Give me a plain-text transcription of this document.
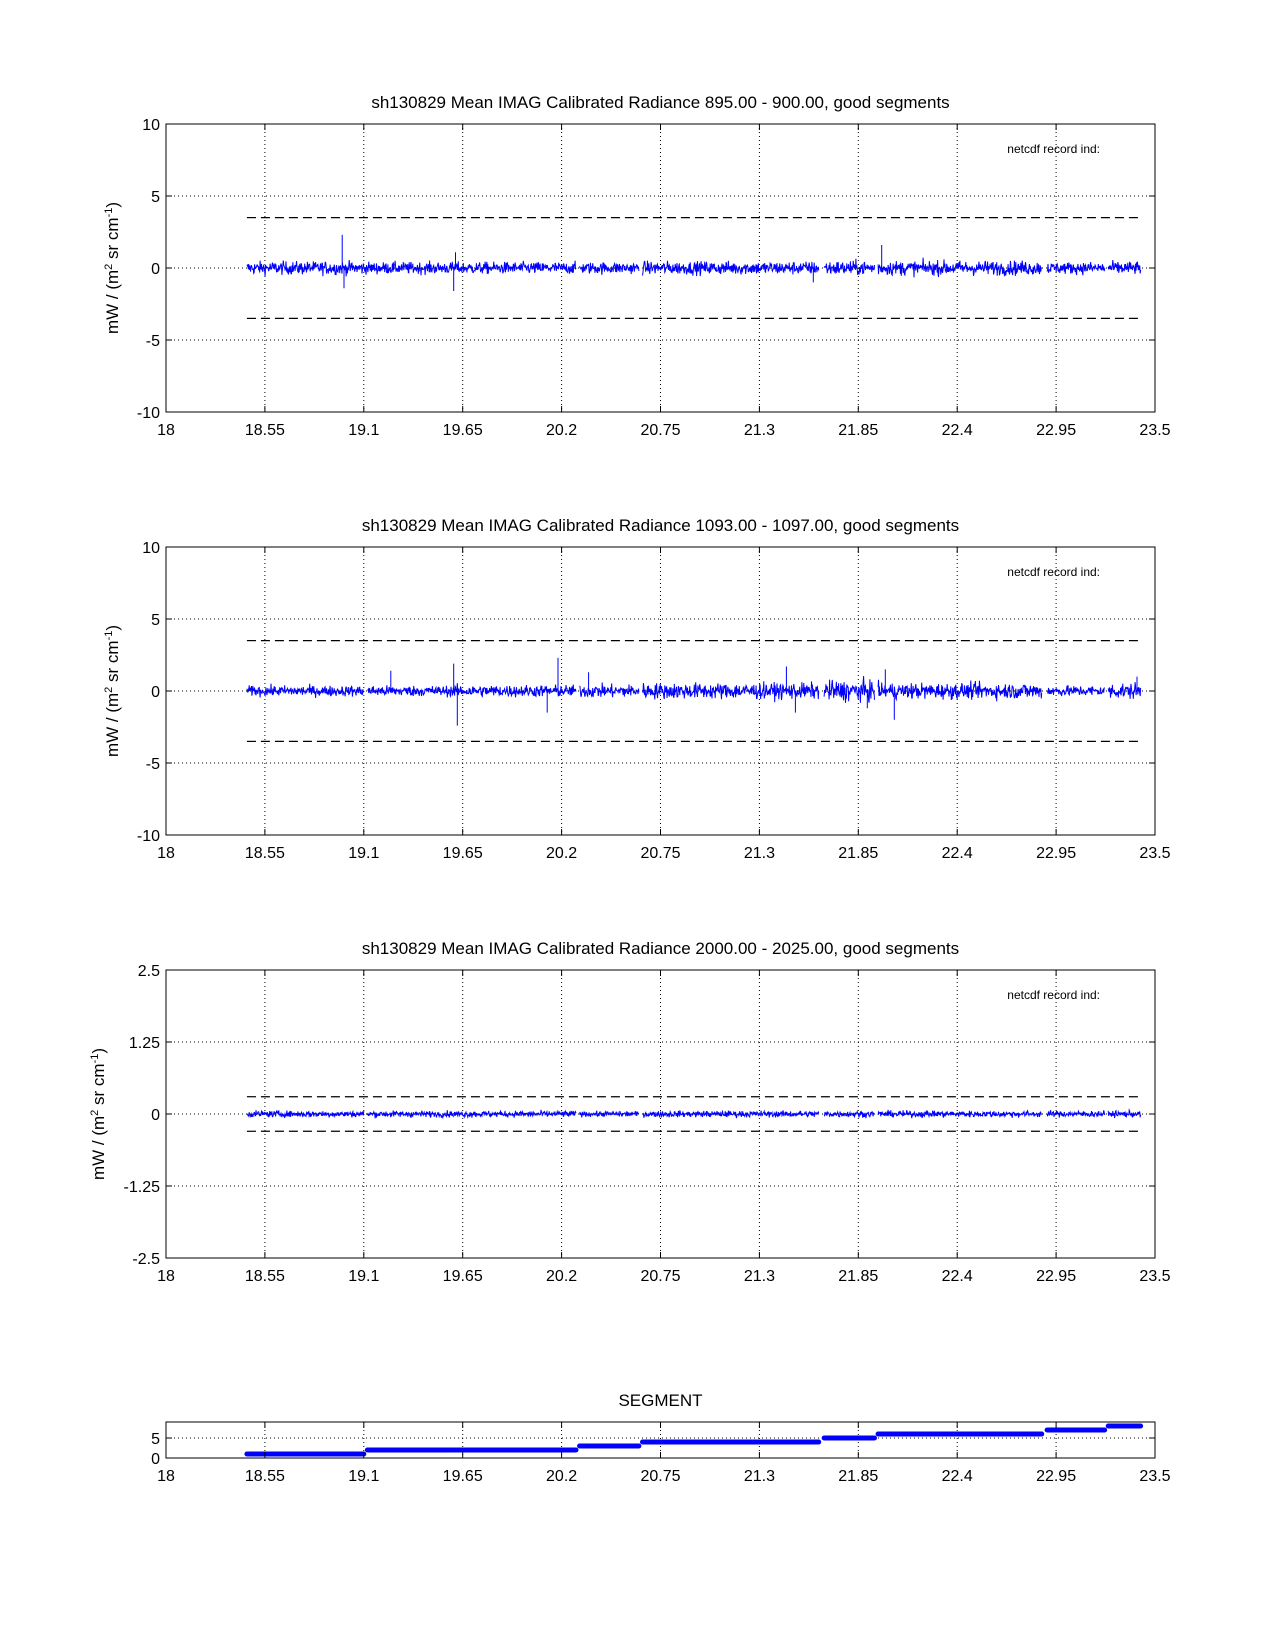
18	18.55	19.1	19.65	20.2	20.75	21.3	21.85	22.4	22.95	23.5
10
5
0
-5
-10
sh130829 Mean IMAG Calibrated Radiance 895.00 - 900.00, good segments
netcdf record ind:
mW / ($m^2$ sr $cm^{-1}$)
18	18.55	19.1	19.65	20.2	20.75	21.3	21.85	22.4	22.95	23.5
10
5
0
-5
-10
sh130829 Mean IMAG Calibrated Radiance 1093.00 - 1097.00, good segments
netcdf record ind:
mW / ($m^2$ sr $cm^{-1}$)
18	18.55	19.1	19.65	20.2	20.75	21.3	21.85	22.4	22.95	23.5
2.5
1.25
0
-1.25
-2.5
sh130829 Mean IMAG Calibrated Radiance 2000.00 - 2025.00, good segments
netcdf record ind:
mW / ($m^2$ sr $cm^{-1}$)
18	18.55	19.1	19.65	20.2	20.75	21.3	21.85	22.4	22.95	23.5
5
0
SEGMENT
